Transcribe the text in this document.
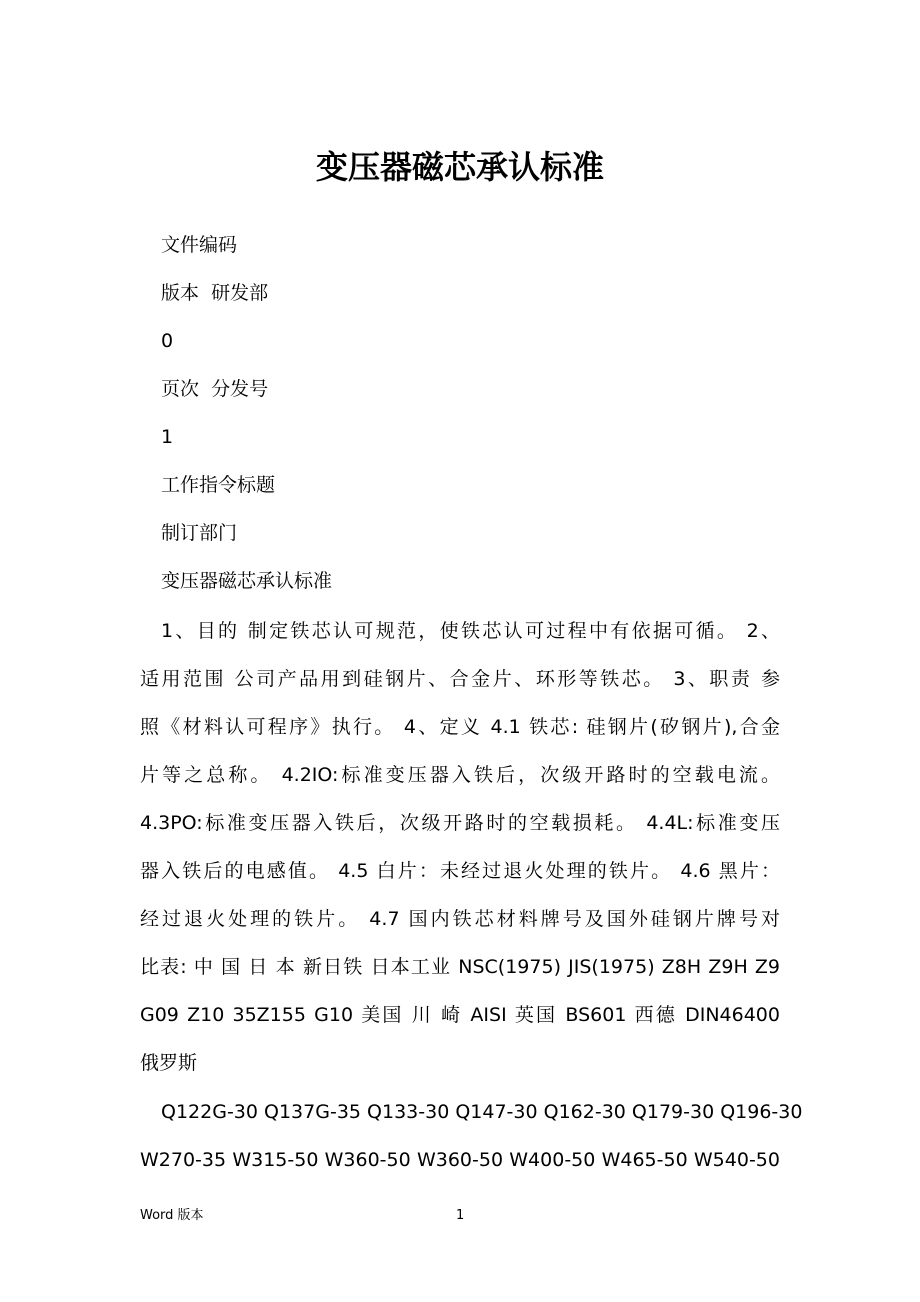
变压器磁芯承认标准
文件编码
版本  研发部
0
页次  分发号
1
工作指令标题
制订部门
变压器磁芯承认标准
1、目的 制定铁芯认可规范，使铁芯认可过程中有依据可循。 2、
适用范围 公司产品用到硅钢片、合金片、环形等铁芯。 3、职责 参
照《材料认可程序》执行。 4、定义 4.1 铁芯: 硅钢片(矽钢片),合金
片等之总称。 4.2IO:标准变压器入铁后，次级开路时的空载电流。
4.3PO:标准变压器入铁后，次级开路时的空载损耗。 4.4L:标准变压
器入铁后的电感值。 4.5 白片：未经过退火处理的铁片。 4.6 黑片：
经过退火处理的铁片。 4.7 国内铁芯材料牌号及国外硅钢片牌号对
比表: 中 国 日 本 新日铁 日本工业 NSC(1975) JIS(1975) Z8H Z9H Z9
G09 Z10 35Z155 G10 美国 川 崎 AISI 英国 BS601 西德 DIN46400
俄罗斯
Q122G-30 Q137G-35 Q133-30 Q147-30 Q162-30 Q179-30 Q196-30
W270-35 W315-50 W360-50 W360-50 W400-50 W465-50 W540-50
Word 版本	1
